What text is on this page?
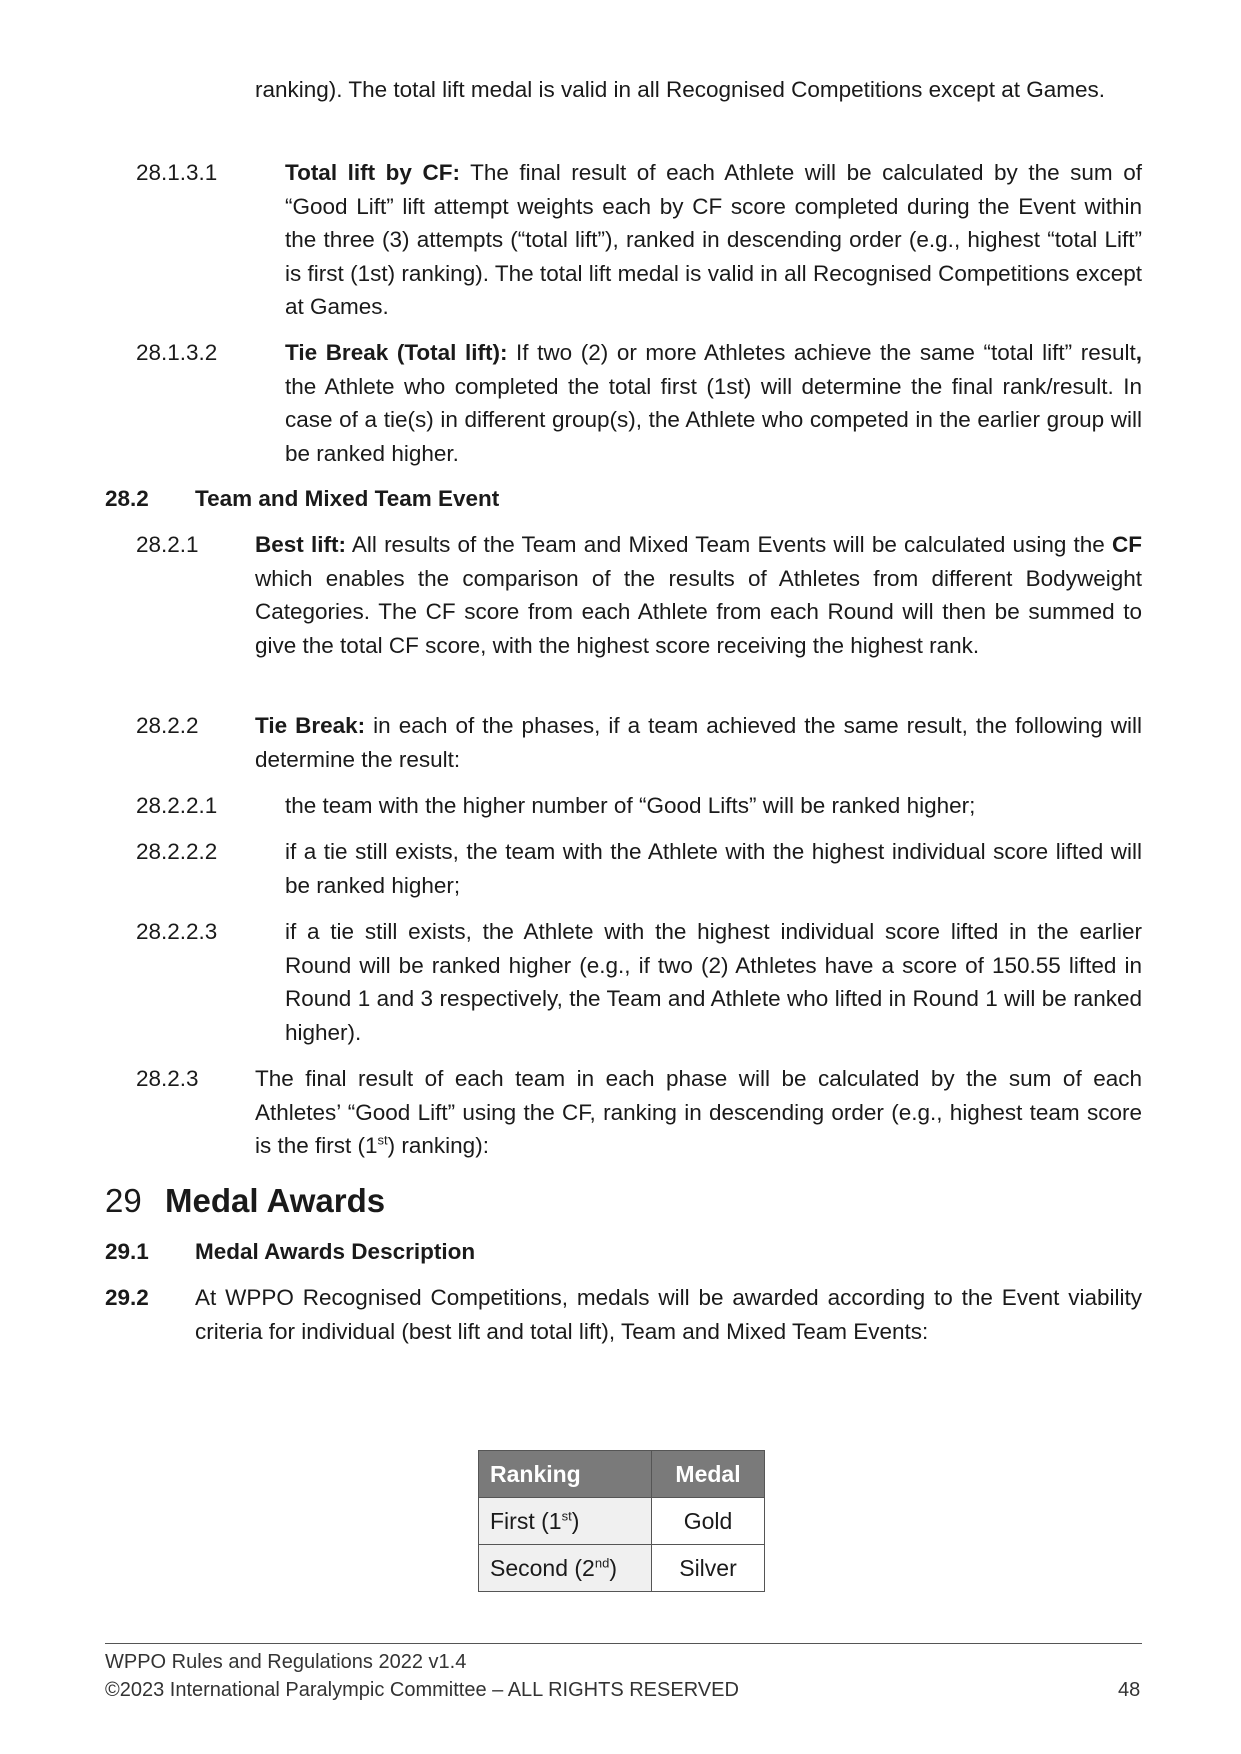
ranking). The total lift medal is valid in all Recognised Competitions except at Games.

28.1.3.1	Total lift by CF: The final result of each Athlete will be calculated by the sum of “Good Lift” lift attempt weights each by CF score completed during the Event within the three (3) attempts (“total lift”), ranked in descending order (e.g., highest “total Lift” is first (1st) ranking). The total lift medal is valid in all Recognised Competitions except at Games.

28.1.3.2	Tie Break (Total lift): If two (2) or more Athletes achieve the same “total lift” result, the Athlete who completed the total first (1st) will determine the final rank/result. In case of a tie(s) in different group(s), the Athlete who competed in the earlier group will be ranked higher.

28.2 Team and Mixed Team Event
28.2.1	Best lift: All results of the Team and Mixed Team Events will be calculated using the CF which enables the comparison of the results of Athletes from different Bodyweight Categories. The CF score from each Athlete from each Round will then be summed to give the total CF score, with the highest score receiving the highest rank.

28.2.2	Tie Break: in each of the phases, if a team achieved the same result, the following will determine the result:

28.2.2.1	the team with the higher number of “Good Lifts” will be ranked higher;

28.2.2.2	if a tie still exists, the team with the Athlete with the highest individual score lifted will be ranked higher;

28.2.2.3	if a tie still exists, the Athlete with the highest individual score lifted in the earlier Round will be ranked higher (e.g., if two (2) Athletes have a score of 150.55 lifted in Round 1 and 3 respectively, the Team and Athlete who lifted in Round 1 will be ranked higher).

28.2.3	The final result of each team in each phase will be calculated by the sum of each Athletes’ “Good Lift” using the CF, ranking in descending order (e.g., highest team score is the first (1st) ranking):

29 Medal Awards
29.1 Medal Awards Description
29.2 At WPPO Recognised Competitions, medals will be awarded according to the Event viability criteria for individual (best lift and total lift), Team and Mixed Team Events:

Ranking	Medal
First (1st)	Gold
Second (2nd)	Silver
WPPO Rules and Regulations 2022 v1.4
©2023 International Paralympic Committee – ALL RIGHTS RESERVED	48
